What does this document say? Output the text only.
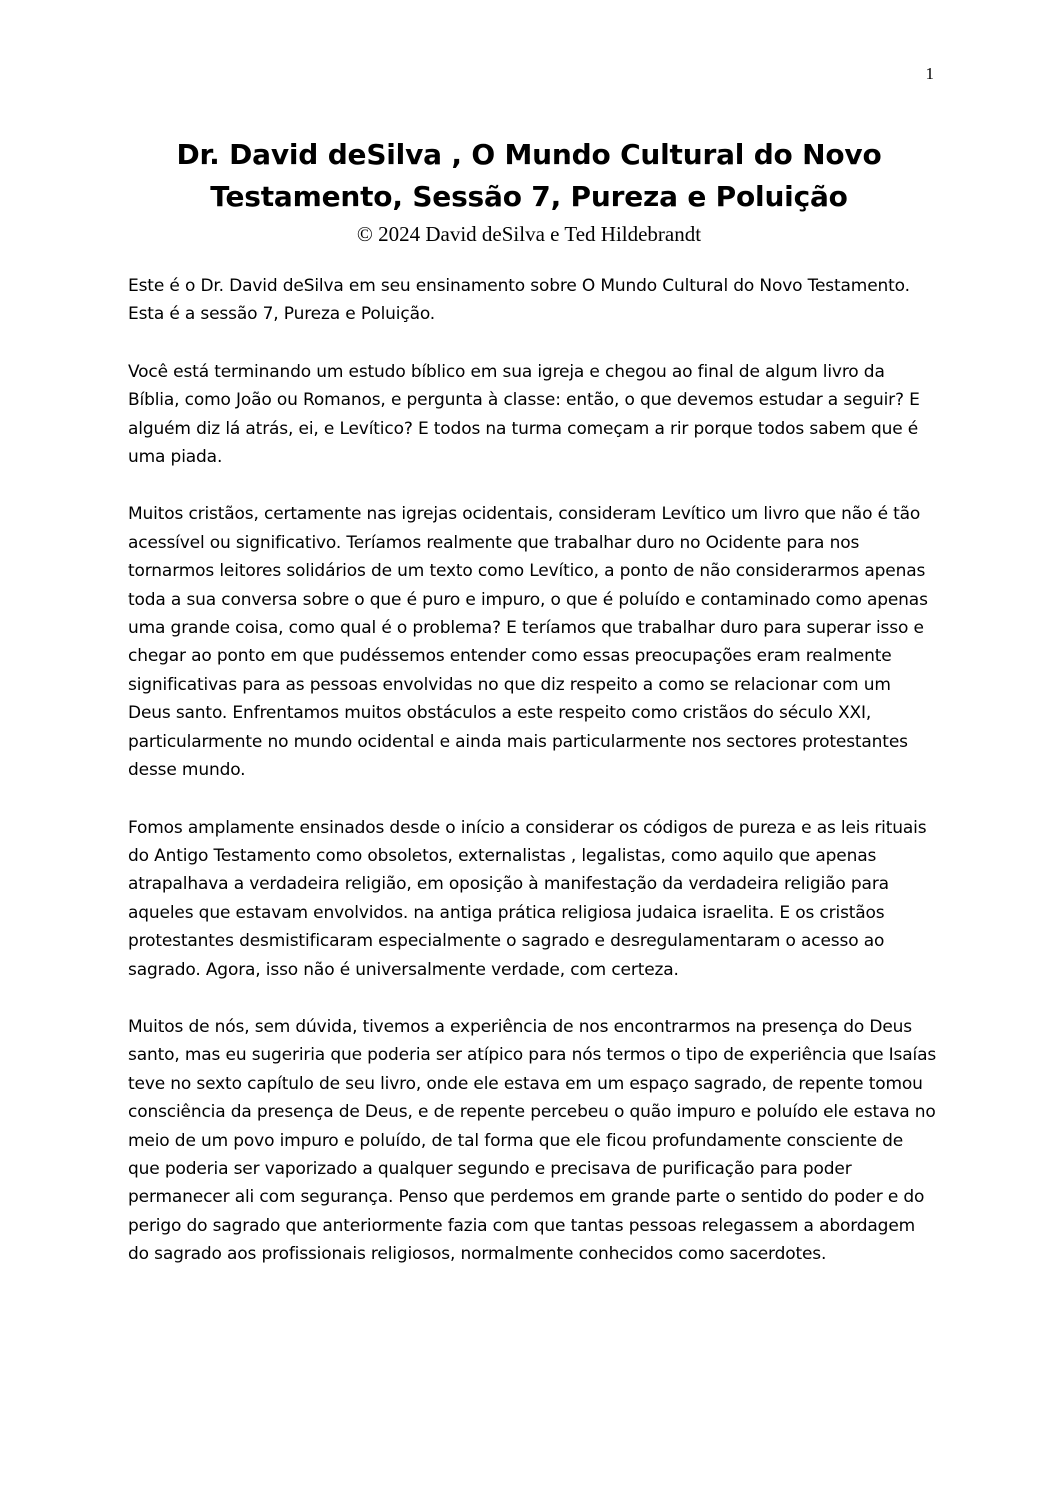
1
Dr. David deSilva , O Mundo Cultural do Novo Testamento, Sessão 7, Pureza e Poluição
© 2024 David deSilva e Ted Hildebrandt

Este é o Dr. David deSilva em seu ensinamento sobre O Mundo Cultural do Novo Testamento. Esta é a sessão 7, Pureza e Poluição.

Você está terminando um estudo bíblico em sua igreja e chegou ao final de algum livro da Bíblia, como João ou Romanos, e pergunta à classe: então, o que devemos estudar a seguir? E alguém diz lá atrás, ei, e Levítico? E todos na turma começam a rir porque todos sabem que é uma piada.

Muitos cristãos, certamente nas igrejas ocidentais, consideram Levítico um livro que não é tão acessível ou significativo. Teríamos realmente que trabalhar duro no Ocidente para nos tornarmos leitores solidários de um texto como Levítico, a ponto de não considerarmos apenas toda a sua conversa sobre o que é puro e impuro, o que é poluído e contaminado como apenas uma grande coisa, como qual é o problema? E teríamos que trabalhar duro para superar isso e chegar ao ponto em que pudéssemos entender como essas preocupações eram realmente significativas para as pessoas envolvidas no que diz respeito a como se relacionar com um Deus santo. Enfrentamos muitos obstáculos a este respeito como cristãos do século XXI, particularmente no mundo ocidental e ainda mais particularmente nos sectores protestantes desse mundo.

Fomos amplamente ensinados desde o início a considerar os códigos de pureza e as leis rituais do Antigo Testamento como obsoletos, externalistas , legalistas, como aquilo que apenas atrapalhava a verdadeira religião, em oposição à manifestação da verdadeira religião para aqueles que estavam envolvidos. na antiga prática religiosa judaica israelita. E os cristãos protestantes desmistificaram especialmente o sagrado e desregulamentaram o acesso ao sagrado. Agora, isso não é universalmente verdade, com certeza.

Muitos de nós, sem dúvida, tivemos a experiência de nos encontrarmos na presença do Deus santo, mas eu sugeriria que poderia ser atípico para nós termos o tipo de experiência que Isaías teve no sexto capítulo de seu livro, onde ele estava em um espaço sagrado, de repente tomou consciência da presença de Deus, e de repente percebeu o quão impuro e poluído ele estava no meio de um povo impuro e poluído, de tal forma que ele ficou profundamente consciente de que poderia ser vaporizado a qualquer segundo e precisava de purificação para poder permanecer ali com segurança. Penso que perdemos em grande parte o sentido do poder e do perigo do sagrado que anteriormente fazia com que tantas pessoas relegassem a abordagem do sagrado aos profissionais religiosos, normalmente conhecidos como sacerdotes.
